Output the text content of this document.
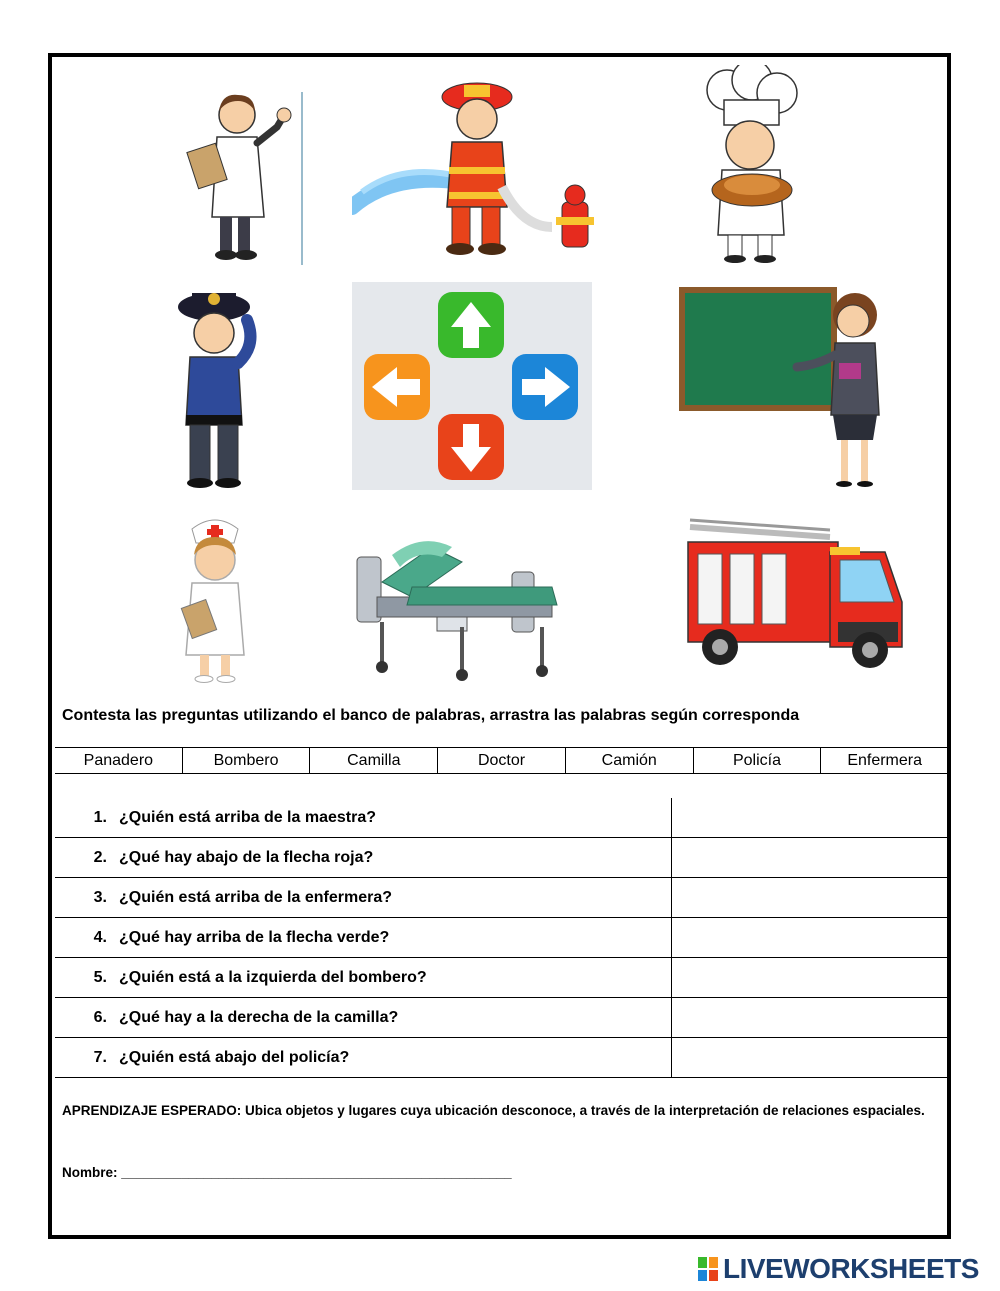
Contesta las preguntas utilizando el banco de palabras, arrastra las palabras según corresponda
Panadero	Bombero	Camilla	Doctor	Camión	Policía	Enfermera
1. ¿Quién está arriba de la maestra?
2. ¿Qué hay abajo de la flecha roja?
3. ¿Quién está arriba de la enfermera?
4. ¿Qué hay arriba de la flecha verde?
5. ¿Quién está a la izquierda del bombero?
6. ¿Qué hay a la derecha de la camilla?
7. ¿Quién está abajo del policía?
APRENDIZAJE ESPERADO: Ubica objetos y lugares cuya ubicación desconoce, a través de la interpretación de relaciones espaciales.
Nombre: ____________________________________________________
LIVEWORKSHEETS
